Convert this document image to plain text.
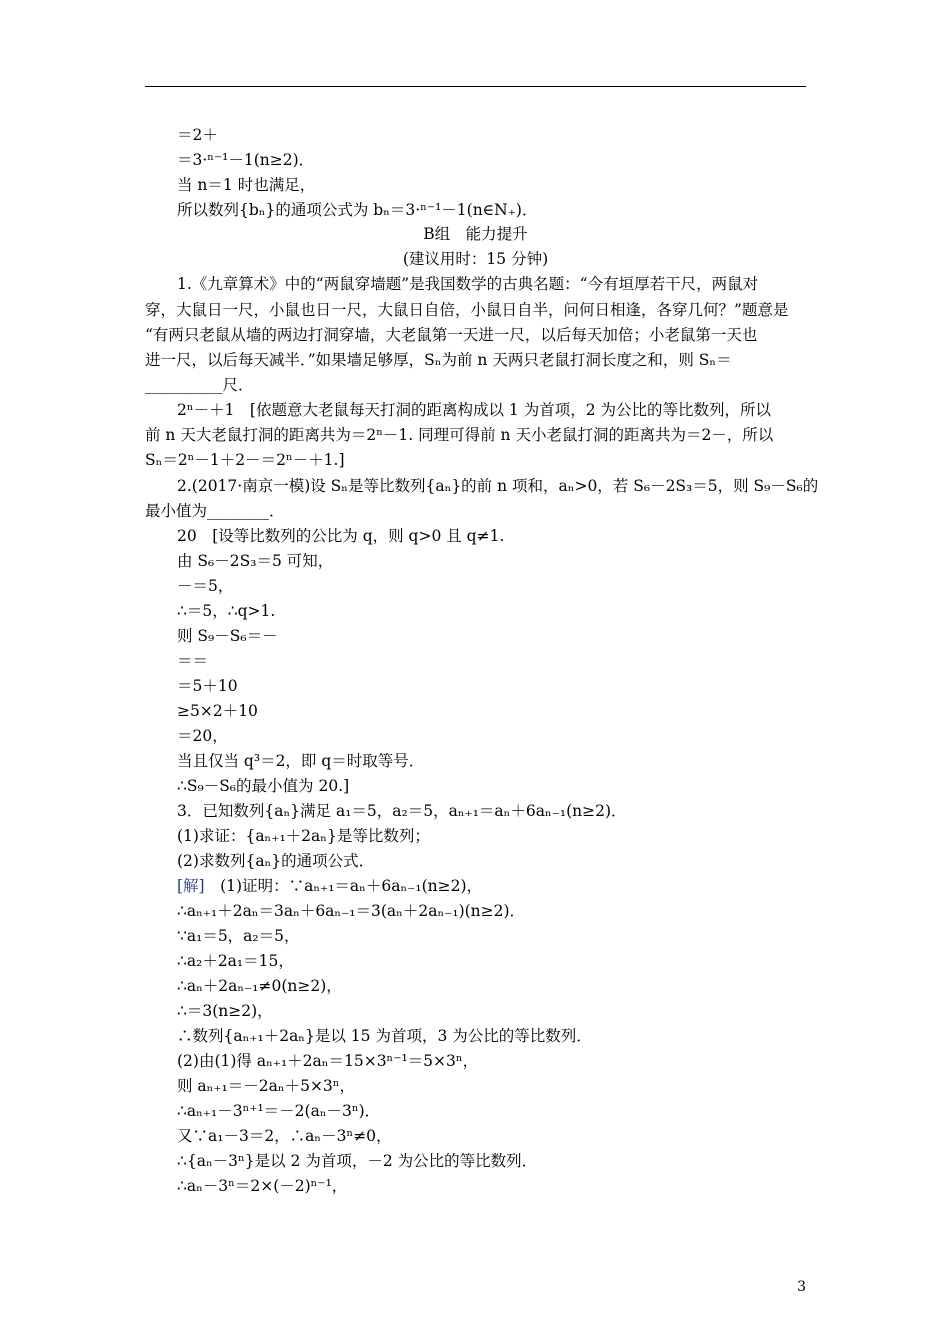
＝2＋
＝3·ⁿ⁻¹－1(n≥2)．
当 n＝1 时也满足，
所以数列{bₙ}的通项公式为 bₙ＝3·ⁿ⁻¹－1(n∈N₊)．
B组　能力提升
(建议用时：15 分钟)
1.《九章算术》中的“两鼠穿墙题”是我国数学的古典名题：“今有垣厚若干尺，两鼠对
穿，大鼠日一尺，小鼠也日一尺，大鼠日自倍，小鼠日自半，问何日相逢，各穿几何？”题意是
“有两只老鼠从墙的两边打洞穿墙，大老鼠第一天进一尺，以后每天加倍；小老鼠第一天也
进一尺，以后每天减半．”如果墙足够厚，Sₙ为前 n 天两只老鼠打洞长度之和，则 Sₙ＝
__________尺．
2ⁿ－＋1　[依题意大老鼠每天打洞的距离构成以 1 为首项，2 为公比的等比数列，所以
前 n 天大老鼠打洞的距离共为＝2ⁿ－1. 同理可得前 n 天小老鼠打洞的距离共为＝2－，所以
Sₙ＝2ⁿ－1＋2－＝2ⁿ－＋1.]
2.(2017·南京一模)设 Sₙ是等比数列{aₙ}的前 n 项和，aₙ>0，若 S₆－2S₃＝5，则 S₉－S₆的
最小值为________．
20　[设等比数列的公比为 q，则 q>0 且 q≠1.
由 S₆－2S₃＝5 可知，
－＝5，
∴＝5，∴q>1.
则 S₉－S₆＝－
＝＝
＝5＋10
≥5×2＋10
＝20，
当且仅当 q³＝2，即 q＝时取等号．
∴S₉－S₆的最小值为 20.]
3．已知数列{aₙ}满足 a₁＝5，a₂＝5，aₙ₊₁＝aₙ＋6aₙ₋₁(n≥2)．
(1)求证：{aₙ₊₁＋2aₙ}是等比数列；
(2)求数列{aₙ}的通项公式．
[解]　 (1)证明：∵aₙ₊₁＝aₙ＋6aₙ₋₁(n≥2)，
∴aₙ₊₁＋2aₙ＝3aₙ＋6aₙ₋₁＝3(aₙ＋2aₙ₋₁)(n≥2)．
∵a₁＝5，a₂＝5，
∴a₂＋2a₁＝15，
∴aₙ＋2aₙ₋₁≠0(n≥2)，
∴＝3(n≥2)，
∴数列{aₙ₊₁＋2aₙ}是以 15 为首项，3 为公比的等比数列．
(2)由(1)得 aₙ₊₁＋2aₙ＝15×3ⁿ⁻¹＝5×3ⁿ，
则 aₙ₊₁＝－2aₙ＋5×3ⁿ，
∴aₙ₊₁－3ⁿ⁺¹＝－2(aₙ－3ⁿ)．
又∵a₁－3＝2，∴aₙ－3ⁿ≠0，
∴{aₙ－3ⁿ}是以 2 为首项，－2 为公比的等比数列．
∴aₙ－3ⁿ＝2×(－2)ⁿ⁻¹，
3
